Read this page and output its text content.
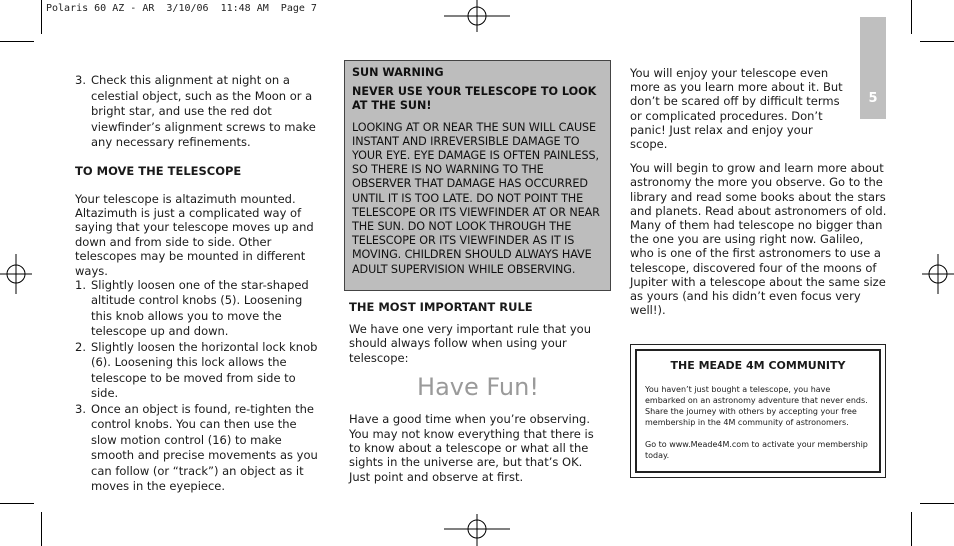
Polaris 60 AZ - AR  3/10/06  11:48 AM  Page 7
5
3. Check this alignment at night on a celestial object, such as the Moon or a bright star, and use the red dot viewfinder’s alignment screws to make any necessary refinements.
TO MOVE THE TELESCOPE

Your telescope is altazimuth mounted. Altazimuth is just a complicated way of saying that your telescope moves up and down and from side to side. Other telescopes may be mounted in different ways.

1. Slightly loosen one of the star-shaped altitude control knobs (5). Loosening this knob allows you to move the telescope up and down.
2. Slightly loosen the horizontal lock knob (6). Loosening this lock allows the telescope to be moved from side to side.
3. Once an object is found, re-tighten the control knobs. You can then use the slow motion control (16) to make smooth and precise movements as you can follow (or “track”) an object as it moves in the eyepiece.
SUN WARNING
NEVER USE YOUR TELESCOPE TO LOOK AT THE SUN!
LOOKING AT OR NEAR THE SUN WILL CAUSE INSTANT AND IRREVERSIBLE DAMAGE TO YOUR EYE. EYE DAMAGE IS OFTEN PAINLESS, SO THERE IS NO WARNING TO THE OBSERVER THAT DAMAGE HAS OCCURRED UNTIL IT IS TOO LATE. DO NOT POINT THE TELESCOPE OR ITS VIEWFINDER AT OR NEAR THE SUN. DO NOT LOOK THROUGH THE TELESCOPE OR ITS VIEWFINDER AS IT IS MOVING. CHILDREN SHOULD ALWAYS HAVE ADULT SUPERVISION WHILE OBSERVING.
THE MOST IMPORTANT RULE

We have one very important rule that you should always follow when using your telescope:

Have Fun!

Have a good time when you’re observing. You may not know everything that there is to know about a telescope or what all the sights in the universe are, but that’s OK. Just point and observe at first.

You will enjoy your telescope even more as you learn more about it. But don’t be scared off by difficult terms or complicated procedures. Don’t panic! Just relax and enjoy your scope.

You will begin to grow and learn more about astronomy the more you observe. Go to the library and read some books about the stars and planets. Read about astronomers of old. Many of them had telescope no bigger than the one you are using right now. Galileo, who is one of the first astronomers to use a telescope, discovered four of the moons of Jupiter with a telescope about the same size as yours (and his didn’t even focus very well!).

THE MEADE 4M COMMUNITY

You haven’t just bought a telescope, you have embarked on an astronomy adventure that never ends. Share the journey with others by accepting your free membership in the 4M community of astronomers.

Go to www.Meade4M.com to activate your membership today.
